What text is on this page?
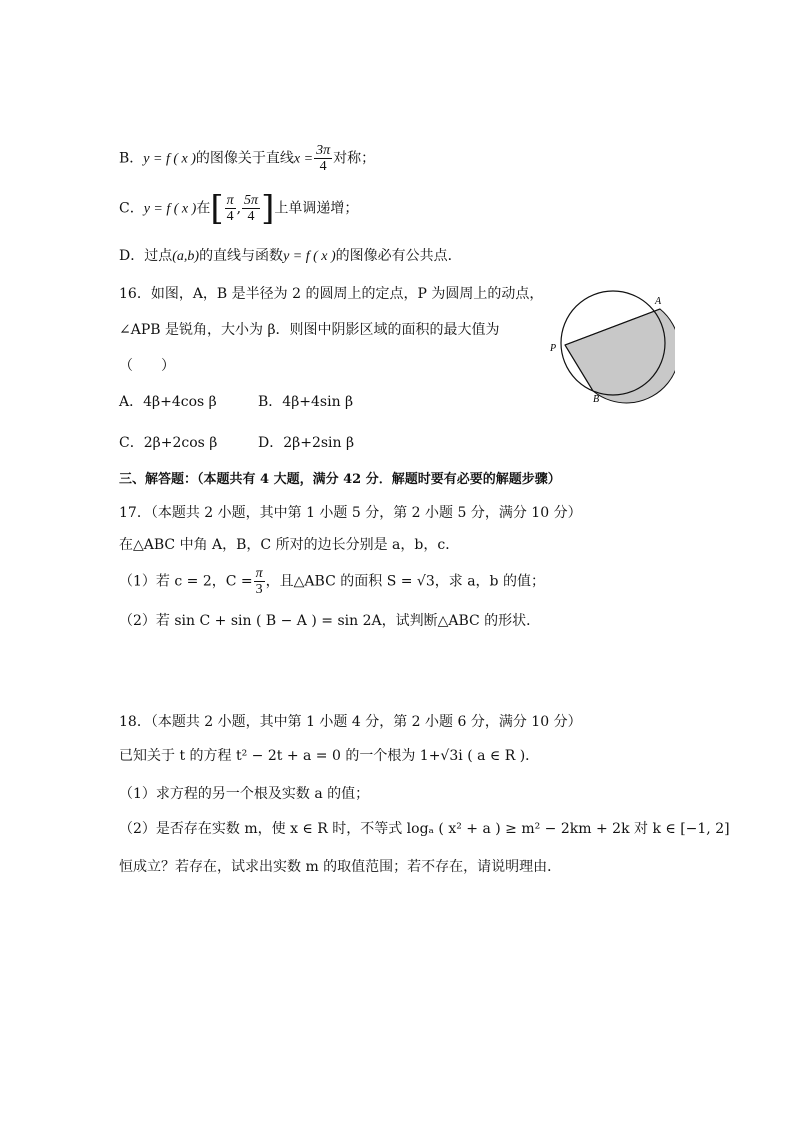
B．y = f ( x )的图像关于直线$x = \frac{3\pi}{4}$ 对称；
C．y = f ( x )在[ $\frac{\pi}{4}$ , $\frac{5\pi}{4}$ ]上单调递增；
D．过点(a,b)的直线与函数y = f ( x )的图像必有公共点．
16．如图，A，B 是半径为 2 的圆周上的定点，P 为圆周上的动点，
∠APB 是锐角，大小为 β．则图中阴影区域的面积的最大值为
（　　）
A．4β+4cos β	B．4β+4sin β
C．2β+2cos β	D．2β+2sin β
A
P
B
三、解答题：（本题共有 4 大题，满分 42 分．解题时要有必要的解题步骤）
17．（本题共 2 小题，其中第 1 小题 5 分，第 2 小题 5 分，满分 10 分）
在△ABC 中角 A，B，C 所对的边长分别是 a，b，c．
（1）若 c = 2，$C = \frac{\pi}{3}$ ，且△ABC 的面积 S = √3，求 a，b 的值；
（2）若 sin C + sin ( B − A ) = sin 2A，试判断△ABC 的形状．
18．（本题共 2 小题，其中第 1 小题 4 分，第 2 小题 6 分，满分 10 分）
已知关于 t 的方程 t² − 2t + a = 0 的一个根为 1+√3i ( a ∈ R )．
（1）求方程的另一个根及实数 a 的值；
（2）是否存在实数 m，使 x ∈ R 时，不等式 logₐ ( x² + a ) ≥ m² − 2km + 2k 对 k ∈ [−1, 2]
恒成立？若存在，试求出实数 m 的取值范围；若不存在，请说明理由．
